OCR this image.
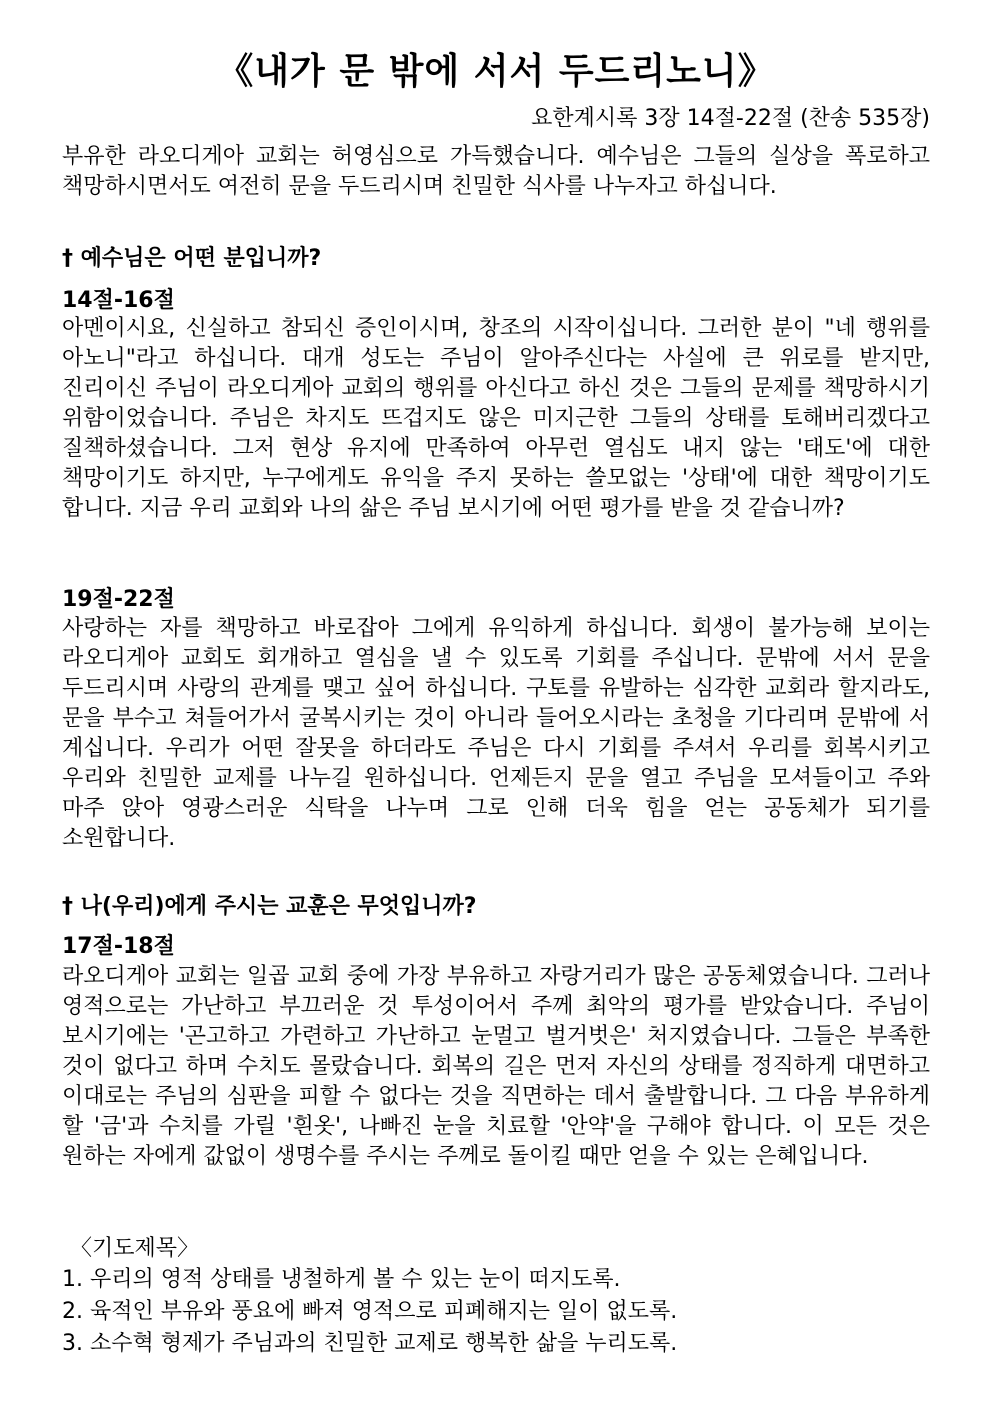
《내가 문 밖에 서서 두드리노니》
요한계시록 3장 14절-22절 (찬송 535장)

부유한 라오디게아 교회는 허영심으로 가득했습니다. 예수님은 그들의 실상을 폭로하고 책망하시면서도 여전히 문을 두드리시며 친밀한 식사를 나누자고 하십니다.

† 예수님은 어떤 분입니까?
14절-16절

아멘이시요, 신실하고 참되신 증인이시며, 창조의 시작이십니다. 그러한 분이 "네 행위를 아노니"라고 하십니다. 대개 성도는 주님이 알아주신다는 사실에 큰 위로를 받지만, 진리이신 주님이 라오디게아 교회의 행위를 아신다고 하신 것은 그들의 문제를 책망하시기 위함이었습니다. 주님은 차지도 뜨겁지도 않은 미지근한 그들의 상태를 토해버리겠다고 질책하셨습니다. 그저 현상 유지에 만족하여 아무런 열심도 내지 않는 '태도'에 대한 책망이기도 하지만, 누구에게도 유익을 주지 못하는 쓸모없는 '상태'에 대한 책망이기도 합니다. 지금 우리 교회와 나의 삶은 주님 보시기에 어떤 평가를 받을 것 같습니까?

19절-22절

사랑하는 자를 책망하고 바로잡아 그에게 유익하게 하십니다. 회생이 불가능해 보이는 라오디게아 교회도 회개하고 열심을 낼 수 있도록 기회를 주십니다. 문밖에 서서 문을 두드리시며 사랑의 관계를 맺고 싶어 하십니다. 구토를 유발하는 심각한 교회라 할지라도, 문을 부수고 쳐들어가서 굴복시키는 것이 아니라 들어오시라는 초청을 기다리며 문밖에 서 계십니다. 우리가 어떤 잘못을 하더라도 주님은 다시 기회를 주셔서 우리를 회복시키고 우리와 친밀한 교제를 나누길 원하십니다. 언제든지 문을 열고 주님을 모셔들이고 주와 마주 앉아 영광스러운 식탁을 나누며 그로 인해 더욱 힘을 얻는 공동체가 되기를 소원합니다.

† 나(우리)에게 주시는 교훈은 무엇입니까?
17절-18절

라오디게아 교회는 일곱 교회 중에 가장 부유하고 자랑거리가 많은 공동체였습니다. 그러나 영적으로는 가난하고 부끄러운 것 투성이어서 주께 최악의 평가를 받았습니다. 주님이 보시기에는 '곤고하고 가련하고 가난하고 눈멀고 벌거벗은' 처지였습니다. 그들은 부족한 것이 없다고 하며 수치도 몰랐습니다. 회복의 길은 먼저 자신의 상태를 정직하게 대면하고 이대로는 주님의 심판을 피할 수 없다는 것을 직면하는 데서 출발합니다. 그 다음 부유하게 할 '금'과 수치를 가릴 '흰옷', 나빠진 눈을 치료할 '안약'을 구해야 합니다. 이 모든 것은 원하는 자에게 값없이 생명수를 주시는 주께로 돌이킬 때만 얻을 수 있는 은혜입니다.

〈기도제목〉
1. 우리의 영적 상태를 냉철하게 볼 수 있는 눈이 떠지도록.
2. 육적인 부유와 풍요에 빠져 영적으로 피폐해지는 일이 없도록.
3. 소수혁 형제가 주님과의 친밀한 교제로 행복한 삶을 누리도록.
